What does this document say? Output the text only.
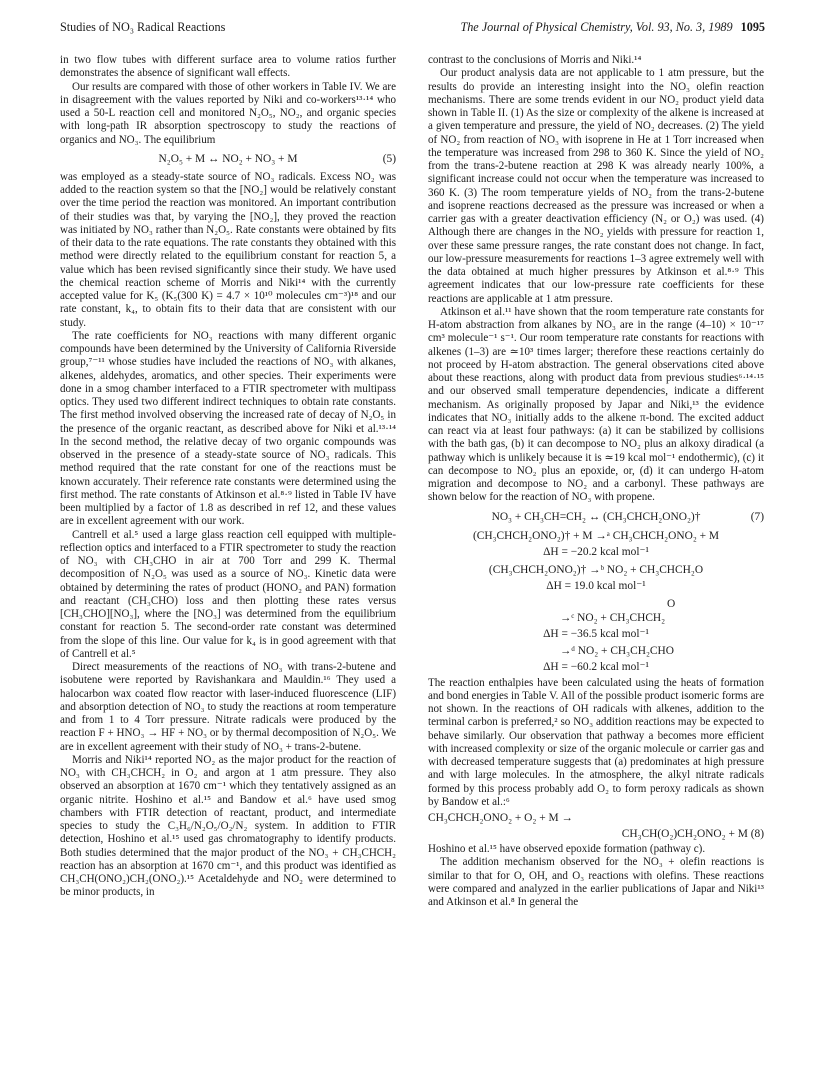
Studies of NO₃ Radical Reactions	The Journal of Physical Chemistry, Vol. 93, No. 3, 1989 1095

in two flow tubes with different surface area to volume ratios further demonstrates the absence of significant wall effects.

Our results are compared with those of other workers in Table IV. We are in disagreement with the values reported by Niki and co-workers¹³·¹⁴ who used a 50-L reaction cell and monitored N₂O₅, NO₂, and organic species with long-path IR absorption spectroscopy to study the reactions of organics and NO₃. The equilibrium

N₂O₅ + M ↔ NO₂ + NO₃ + M	(5)

was employed as a steady-state source of NO₃ radicals. Excess NO₂ was added to the reaction system so that the [NO₂] would be relatively constant over the time period the reaction was monitored. An important contribution of their studies was that, by varying the [NO₂], they proved the reaction was initiated by NO₃ rather than N₂O₅. Rate constants were obtained by fits of their data to the rate equations. The rate constants they obtained with this method were directly related to the equilibrium constant for reaction 5, a value which has been revised significantly since their study. We have used the chemical reaction scheme of Morris and Niki¹⁴ with the currently accepted value for K₅ (K₅(300 K) = 4.7 × 10¹⁰ molecules cm⁻³)¹⁸ and our rate constant, k₄, to obtain fits to their data that are consistent with our study.

The rate coefficients for NO₃ reactions with many different organic compounds have been determined by the University of California Riverside group,⁷⁻¹¹ whose studies have included the reactions of NO₃ with alkanes, alkenes, aldehydes, aromatics, and other species. Their experiments were done in a smog chamber interfaced to a FTIR spectrometer with multipass optics. They used two different indirect techniques to obtain rate constants. The first method involved observing the increased rate of decay of N₂O₅ in the presence of the organic reactant, as described above for Niki et al.¹³·¹⁴ In the second method, the relative decay of two organic compounds was observed in the presence of a steady-state source of NO₃ radicals. This method required that the rate constant for one of the reactions must be known accurately. Their reference rate constants were determined using the first method. The rate constants of Atkinson et al.⁸·⁹ listed in Table IV have been multiplied by a factor of 1.8 as described in ref 12, and these values are in excellent agreement with our work.

Cantrell et al.⁵ used a large glass reaction cell equipped with multiple-reflection optics and interfaced to a FTIR spectrometer to study the reaction of NO₃ with CH₃CHO in air at 700 Torr and 299 K. Thermal decomposition of N₂O₅ was used as a source of NO₃. Kinetic data were obtained by determining the rates of product (HONO₂ and PAN) formation and reactant (CH₃CHO) loss and then plotting these rates versus [CH₃CHO][NO₃], where the [NO₃] was determined from the equilibrium constant for reaction 5. The second-order rate constant was determined from the slope of this line. Our value for k₄ is in good agreement with that of Cantrell et al.⁵

Direct measurements of the reactions of NO₃ with trans-2-butene and isobutene were reported by Ravishankara and Mauldin.¹⁶ They used a halocarbon wax coated flow reactor with laser-induced fluorescence (LIF) and absorption detection of NO₃ to study the reactions at room temperature and from 1 to 4 Torr pressure. Nitrate radicals were produced by the reaction F + HNO₃ → HF + NO₃ or by thermal decomposition of N₂O₅. We are in excellent agreement with their study of NO₃ + trans-2-butene.

Morris and Niki¹⁴ reported NO₂ as the major product for the reaction of NO₃ with CH₃CHCH₂ in O₂ and argon at 1 atm pressure. They also observed an absorption at 1670 cm⁻¹ which they tentatively assigned as an organic nitrite. Hoshino et al.¹⁵ and Bandow et al.⁶ have used smog chambers with FTIR detection of reactant, product, and intermediate species to study the C₃H₆/N₂O₅/O₂/N₂ system. In addition to FTIR detection, Hoshino et al.¹⁵ used gas chromatography to identify products. Both studies determined that the major product of the NO₃ + CH₃CHCH₂ reaction has an absorption at 1670 cm⁻¹, and this product was identified as CH₃CH(ONO₂)CH₂(ONO₂).¹⁵ Acetaldehyde and NO₂ were determined to be minor products, in

contrast to the conclusions of Morris and Niki.¹⁴

Our product analysis data are not applicable to 1 atm pressure, but the results do provide an interesting insight into the NO₃ olefin reaction mechanisms. There are some trends evident in our NO₂ product yield data shown in Table II. (1) As the size or complexity of the alkene is increased at a given temperature and pressure, the yield of NO₂ decreases. (2) The yield of NO₂ from reaction of NO₃ with isoprene in He at 1 Torr increased when the temperature was increased from 298 to 360 K. Since the yield of NO₂ from the trans-2-butene reaction at 298 K was already nearly 100%, a significant increase could not occur when the temperature was increased to 360 K. (3) The room temperature yields of NO₂ from the trans-2-butene and isoprene reactions decreased as the pressure was increased or when a carrier gas with a greater deactivation efficiency (N₂ or O₂) was used. (4) Although there are changes in the NO₂ yields with pressure for reaction 1, over these same pressure ranges, the rate constant does not change. In fact, our low-pressure measurements for reactions 1–3 agree extremely well with the data obtained at much higher pressures by Atkinson et al.⁸·⁹ This agreement indicates that our low-pressure rate coefficients for these reactions are applicable at 1 atm pressure.

Atkinson et al.¹¹ have shown that the room temperature rate constants for H-atom abstraction from alkanes by NO₃ are in the range (4–10) × 10⁻¹⁷ cm³ molecule⁻¹ s⁻¹. Our room temperature rate constants for reactions with alkenes (1–3) are ≃10³ times larger; therefore these reactions certainly do not proceed by H-atom abstraction. The general observations cited above about these reactions, along with product data from previous studies⁶·¹⁴·¹⁵ and our observed small temperature dependencies, indicate a different mechanism. As originally proposed by Japar and Niki,¹³ the evidence indicates that NO₃ initially adds to the alkene π-bond. The excited adduct can react via at least four pathways: (a) it can be stabilized by collisions with the bath gas, (b) it can decompose to NO₂ plus an alkoxy diradical (a pathway which is unlikely because it is ≃19 kcal mol⁻¹ endothermic), (c) it can decompose to NO₂ plus an epoxide, or, (d) it can undergo H-atom migration and decompose to NO₂ and a carbonyl. These pathways are shown below for the reaction of NO₃ with propene.

NO₃ + CH₃CH=CH₂ ↔ (CH₃CHCH₂ONO₂)†	(7)
(CH₃CHCH₂ONO₂)† + M →ᵃ CH₃CHCH₂ONO₂ + M
ΔH = −20.2 kcal mol⁻¹
(CH₃CHCH₂ONO₂)† →ᵇ NO₂ + CH₃CHCH₂O
ΔH = 19.0 kcal mol⁻¹
O
→ᶜ NO₂ + CH₃CHCH₂
ΔH = −36.5 kcal mol⁻¹
→ᵈ NO₂ + CH₃CH₂CHO
ΔH = −60.2 kcal mol⁻¹

The reaction enthalpies have been calculated using the heats of formation and bond energies in Table V. All of the possible product isomeric forms are not shown. In the reactions of OH radicals with alkenes, addition to the terminal carbon is preferred,² so NO₃ addition reactions may be expected to behave similarly. Our observation that pathway a becomes more efficient with increased complexity or size of the organic molecule or carrier gas and with decreased temperature suggests that (a) predominates at high pressure and with large molecules. In the atmosphere, the alkyl nitrate radicals formed by this process probably add O₂ to form peroxy radicals as shown by Bandow et al.:⁶

CH₃CHCH₂ONO₂ + O₂ + M →
CH₃CH(O₂)CH₂ONO₂ + M (8)

Hoshino et al.¹⁵ have observed epoxide formation (pathway c).

The addition mechanism observed for the NO₃ + olefin reactions is similar to that for O, OH, and O₃ reactions with olefins. These reactions were compared and analyzed in the earlier publications of Japar and Niki¹³ and Atkinson et al.⁸ In general the
